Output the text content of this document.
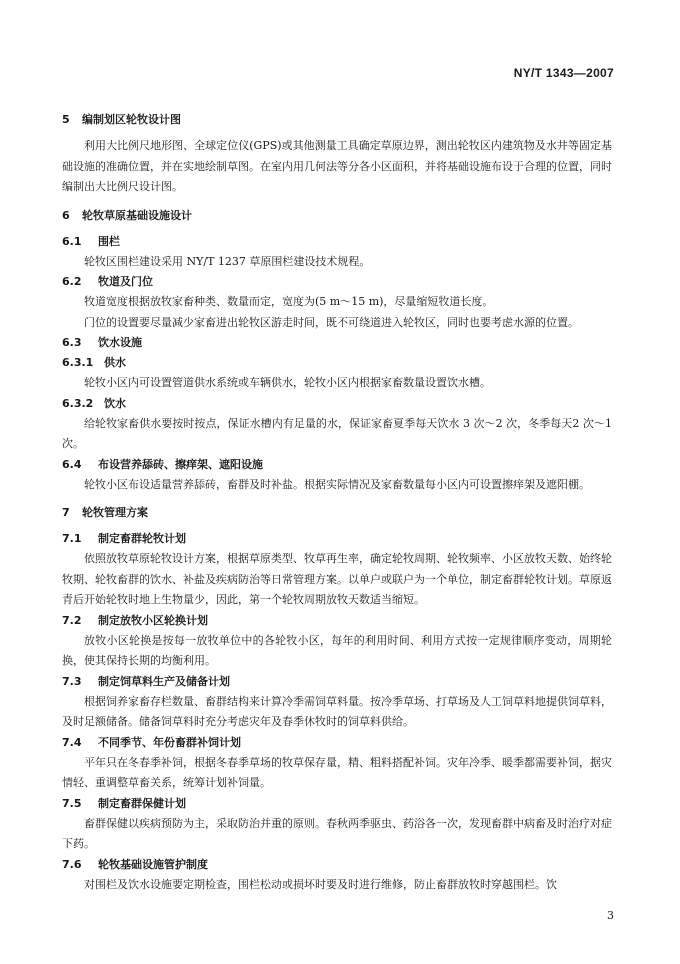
NY/T 1343—2007
5 编制划区轮牧设计图

利用大比例尺地形图、全球定位仪(GPS)或其他测量工具确定草原边界，测出轮牧区内建筑物及水井等固定基础设施的准确位置，并在实地绘制草图。在室内用几何法等分各小区面积，并将基础设施布设于合理的位置，同时编制出大比例尺设计图。

6 轮牧草原基础设施设计
6.1 围栏

轮牧区围栏建设采用 NY/T 1237 草原围栏建设技术规程。

6.2 牧道及门位

牧道宽度根据放牧家畜种类、数量而定，宽度为(5 m～15 m)，尽量缩短牧道长度。

门位的设置要尽量减少家畜进出轮牧区游走时间，既不可绕道进入轮牧区，同时也要考虑水源的位置。

6.3 饮水设施
6.3.1 供水

轮牧小区内可设置管道供水系统或车辆供水，轮牧小区内根据家畜数量设置饮水槽。

6.3.2 饮水

给轮牧家畜供水要按时按点，保证水槽内有足量的水，保证家畜夏季每天饮水 3 次～2 次，冬季每天2 次～1 次。

6.4 布设营养舔砖、擦痒架、遮阳设施

轮牧小区布设适量营养舔砖，畜群及时补盐。根据实际情况及家畜数量每小区内可设置擦痒架及遮阳棚。

7 轮牧管理方案
7.1 制定畜群轮牧计划

依照放牧草原轮牧设计方案，根据草原类型、牧草再生率，确定轮牧周期、轮牧频率、小区放牧天数、始终轮牧期、轮牧畜群的饮水、补盐及疾病防治等日常管理方案。以单户或联户为一个单位，制定畜群轮牧计划。草原返青后开始轮牧时地上生物量少，因此，第一个轮牧周期放牧天数适当缩短。

7.2 制定放牧小区轮换计划

放牧小区轮换是按每一放牧单位中的各轮牧小区，每年的利用时间、利用方式按一定规律顺序变动，周期轮换，使其保持长期的均衡利用。

7.3 制定饲草料生产及储备计划

根据饲养家畜存栏数量、畜群结构来计算冷季需饲草料量。按冷季草场、打草场及人工饲草料地提供饲草料，及时足额储备。储备饲草料时充分考虑灾年及春季休牧时的饲草料供给。

7.4 不同季节、年份畜群补饲计划

平年只在冬春季补饲，根据冬春季草场的牧草保存量，精、粗料搭配补饲。灾年冷季、暖季都需要补饲，据灾情轻、重调整草畜关系，统筹计划补饲量。

7.5 制定畜群保健计划

畜群保健以疾病预防为主，采取防治并重的原则。春秋两季驱虫、药浴各一次，发现畜群中病畜及时治疗对症下药。

7.6 轮牧基础设施管护制度

对围栏及饮水设施要定期检查，围栏松动或损坏时要及时进行维修，防止畜群放牧时穿越围栏。饮

3
